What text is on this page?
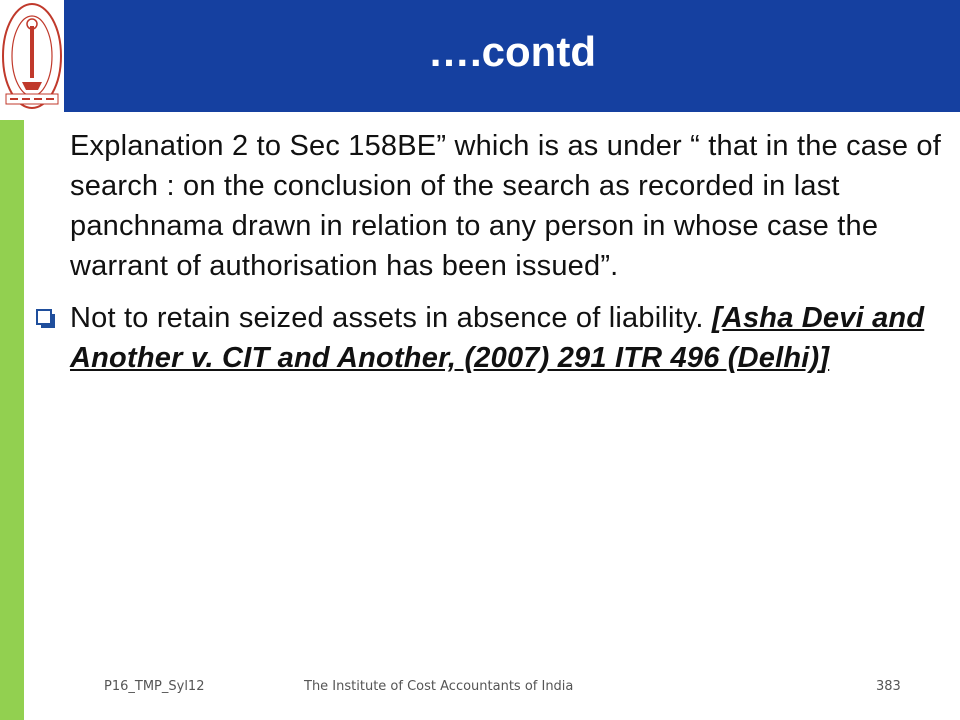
….contd

Explanation 2 to Sec 158BE” which is as under “ that in the case of search : on the conclusion of the search as recorded in last panchnama drawn in relation to any person in whose case the warrant of authorisation has been issued”.

Not to retain seized assets in absence of liability. [Asha Devi and Another v. CIT and Another, (2007) 291 ITR 496 (Delhi)]
P16_TMP_Syl12	The Institute of Cost Accountants of India	383
